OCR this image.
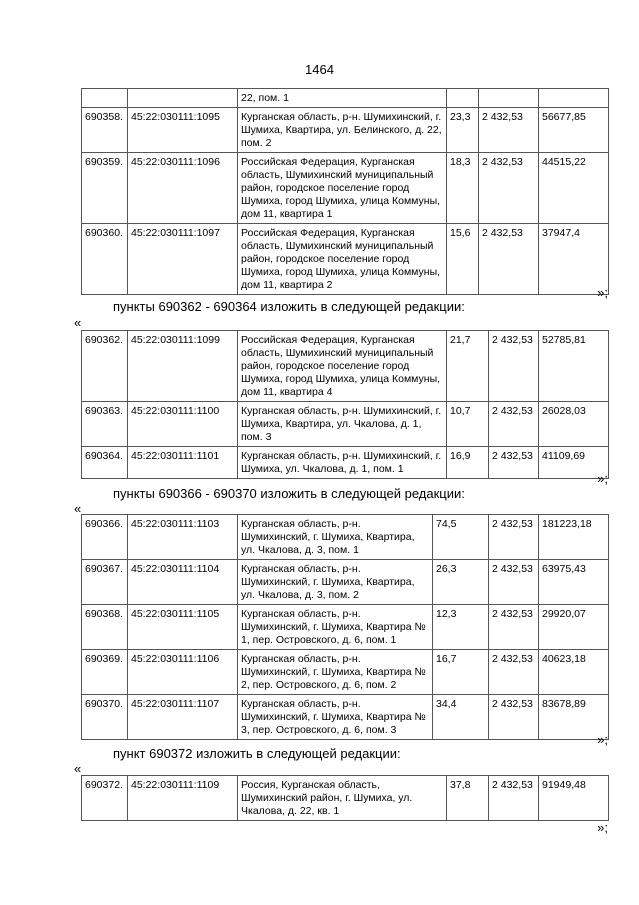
1464
		22, пом. 1			
690358.	45:22:030111:1095	Курганская область, р-н. Шумихинский, г. Шумиха, Квартира, ул. Белинского, д. 22, пом. 2	23,3	2 432,53	56677,85
690359.	45:22:030111:1096	Российская Федерация, Курганская область, Шумихинский муниципальный район, городское поселение город Шумиха, город Шумиха, улица Коммуны, дом 11, квартира 1	18,3	2 432,53	44515,22
690360.	45:22:030111:1097	Российская Федерация, Курганская область, Шумихинский муниципальный район, городское поселение город Шумиха, город Шумиха, улица Коммуны, дом 11, квартира 2	15,6	2 432,53	37947,4
»;
пункты 690362 - 690364 изложить в следующей редакции:
«
690362.	45:22:030111:1099	Российская Федерация, Курганская область, Шумихинский муниципальный район, городское поселение город Шумиха, город Шумиха, улица Коммуны, дом 11, квартира 4	21,7	2 432,53	52785,81
690363.	45:22:030111:1100	Курганская область, р-н. Шумихинский, г. Шумиха, Квартира, ул. Чкалова, д. 1, пом. 3	10,7	2 432,53	26028,03
690364.	45:22:030111:1101	Курганская область, р-н. Шумихинский, г. Шумиха, ул. Чкалова, д. 1, пом. 1	16,9	2 432,53	41109,69
»;
пункты 690366 - 690370 изложить в следующей редакции:
«
690366.	45:22:030111:1103	Курганская область, р-н. Шумихинский, г. Шумиха, Квартира, ул. Чкалова, д. 3, пом. 1	74,5	2 432,53	181223,18
690367.	45:22:030111:1104	Курганская область, р-н. Шумихинский, г. Шумиха, Квартира, ул. Чкалова, д. 3, пом. 2	26,3	2 432,53	63975,43
690368.	45:22:030111:1105	Курганская область, р-н. Шумихинский, г. Шумиха, Квартира № 1, пер. Островского, д. 6, пом. 1	12,3	2 432,53	29920,07
690369.	45:22:030111:1106	Курганская область, р-н. Шумихинский, г. Шумиха, Квартира № 2, пер. Островского, д. 6, пом. 2	16,7	2 432,53	40623,18
690370.	45:22:030111:1107	Курганская область, р-н. Шумихинский, г. Шумиха, Квартира № 3, пер. Островского, д. 6, пом. 3	34,4	2 432,53	83678,89
»;
пункт 690372 изложить в следующей редакции:
«
690372.	45:22:030111:1109	Россия, Курганская область, Шумихинский район, г. Шумиха, ул. Чкалова, д. 22, кв. 1	37,8	2 432,53	91949,48
»;
